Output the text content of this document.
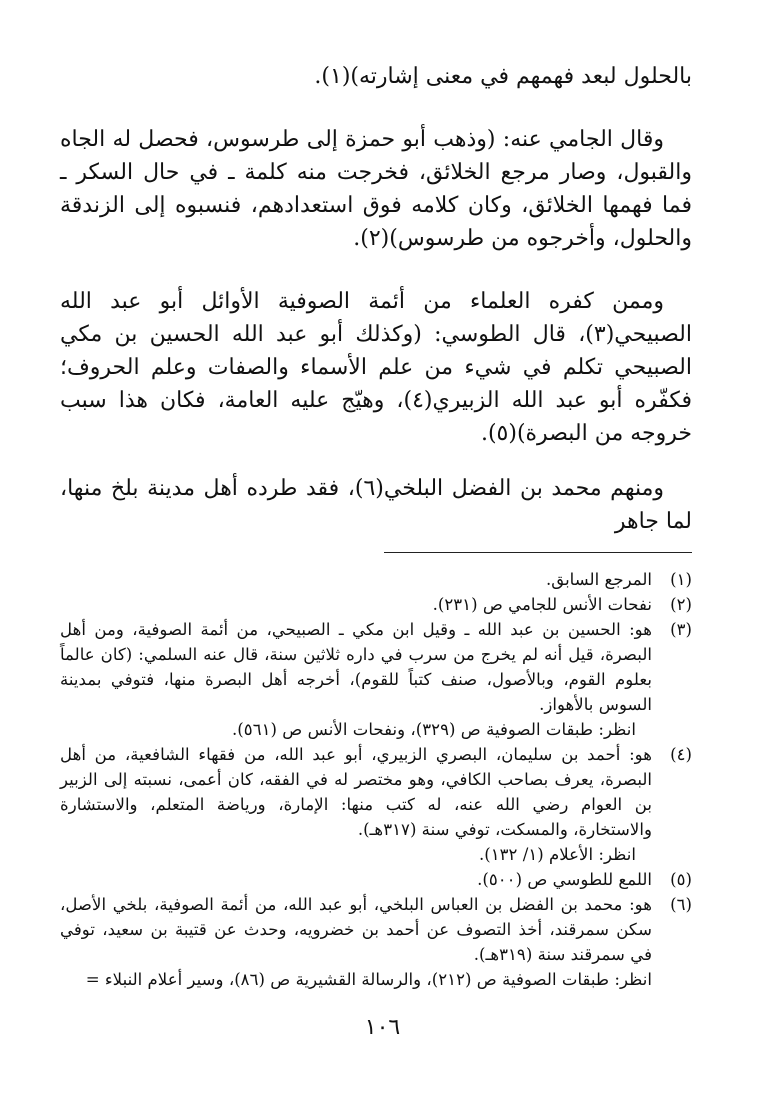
بالحلول لبعد فهمهم في معنى إشارته)(١).

وقال الجامي عنه: (وذهب أبو حمزة إلى طرسوس، فحصل له الجاه والقبول، وصار مرجع الخلائق، فخرجت منه كلمة ـ في حال السكر ـ فما فهمها الخلائق، وكان كلامه فوق استعدادهم، فنسبوه إلى الزندقة والحلول، وأخرجوه من طرسوس)(٢).

وممن كفره العلماء من أئمة الصوفية الأوائل أبو عبد الله الصبيحي(٣)، قال الطوسي: (وكذلك أبو عبد الله الحسين بن مكي الصبيحي تكلم في شيء من علم الأسماء والصفات وعلم الحروف؛ فكفّره أبو عبد الله الزبيري(٤)، وهيّج عليه العامة، فكان هذا سبب خروجه من البصرة)(٥).

ومنهم محمد بن الفضل البلخي(٦)، فقد طرده أهل مدينة بلخ منها، لما جاهر

(١)

المرجع السابق.

(٢)

نفحات الأنس للجامي ص (٢٣١).

(٣)

هو: الحسين بن عبد الله ـ وقيل ابن مكي ـ الصبيحي، من أئمة الصوفية، ومن أهل البصرة، قيل أنه لم يخرج من سرب في داره ثلاثين سنة، قال عنه السلمي: (كان عالماً بعلوم القوم، وبالأصول، صنف كتباً للقوم)، أخرجه أهل البصرة منها، فتوفي بمدينة السوس بالأهواز.

انظر: طبقات الصوفية ص (٣٢٩)، ونفحات الأنس ص (٥٦١).

(٤)

هو: أحمد بن سليمان، البصري الزبيري، أبو عبد الله، من فقهاء الشافعية، من أهل البصرة، يعرف بصاحب الكافي، وهو مختصر له في الفقه، كان أعمى، نسبته إلى الزبير بن العوام رضي الله عنه، له كتب منها: الإمارة، ورياضة المتعلم، والاستشارة والاستخارة، والمسكت، توفي سنة (٣١٧هـ).

انظر: الأعلام (١/ ١٣٢).

(٥)

اللمع للطوسي ص (٥٠٠).

(٦)

هو: محمد بن الفضل بن العباس البلخي، أبو عبد الله، من أئمة الصوفية، بلخي الأصل، سكن سمرقند، أخذ التصوف عن أحمد بن خضرويه، وحدث عن قتيبة بن سعيد، توفي في سمرقند سنة (٣١٩هـ).

انظر: طبقات الصوفية ص (٢١٢)، والرسالة القشيرية ص (٨٦)، وسير أعلام النبلاء =

١٠٦
